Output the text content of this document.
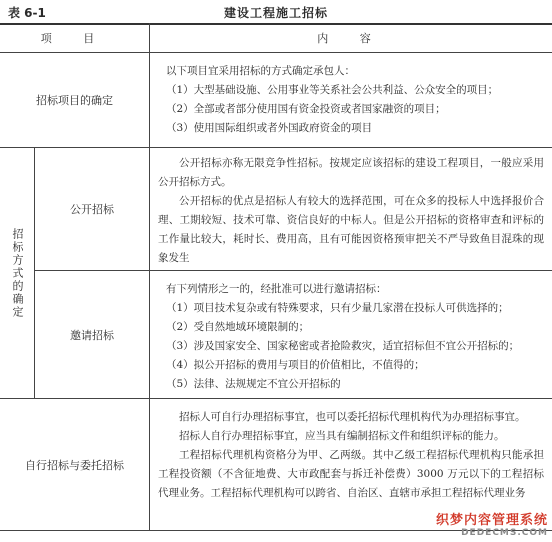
表 6-1	建设工程施工招标
项 目	内 容
招标项目的确定

以下项目宜采用招标的方式确定承包人：

（1）大型基础设施、公用事业等关系社会公共利益、公众安全的项目；

（2）全部或者部分使用国有资金投资或者国家融资的项目；

（3）使用国际组织或者外国政府资金的项目

招标方式的确定
公开招标

公开招标亦称无限竞争性招标。按规定应该招标的建设工程项目，一般应采用公开招标方式。

公开招标的优点是招标人有较大的选择范围，可在众多的投标人中选择报价合理、工期较短、技术可靠、资信良好的中标人。但是公开招标的资格审查和评标的工作量比较大，耗时长、费用高，且有可能因资格预审把关不严导致鱼目混珠的现象发生

邀请招标

有下列情形之一的，经批准可以进行邀请招标：

（1）项目技术复杂或有特殊要求，只有少量几家潜在投标人可供选择的；

（2）受自然地域环境限制的；

（3）涉及国家安全、国家秘密或者抢险救灾，适宜招标但不宜公开招标的；

（4）拟公开招标的费用与项目的价值相比，不值得的；

（5）法律、法规规定不宜公开招标的

自行招标与委托招标

招标人可自行办理招标事宜，也可以委托招标代理机构代为办理招标事宜。

招标人自行办理招标事宜，应当具有编制招标文件和组织评标的能力。

工程招标代理机构资格分为甲、乙两级。其中乙级工程招标代理机构只能承担工程投资额（不含征地费、大市政配套与拆迁补偿费）3000 万元以下的工程招标代理业务。工程招标代理机构可以跨省、自治区、直辖市承担工程招标代理业务

织梦内容管理系统
DEDECMS.COM
